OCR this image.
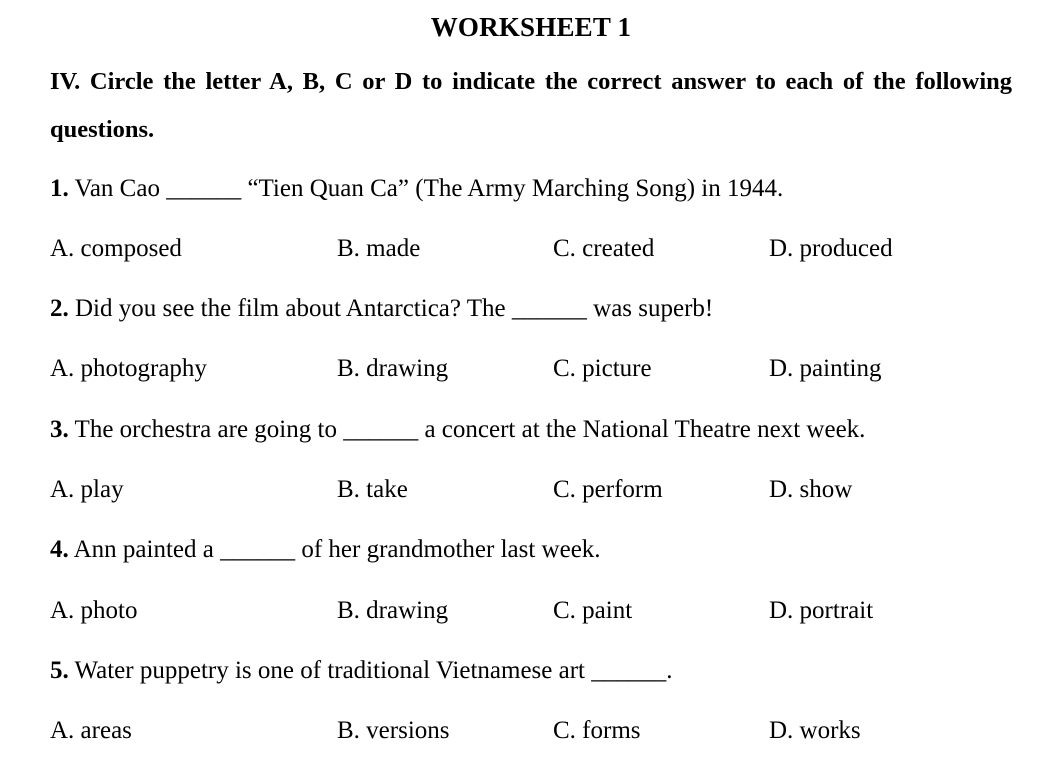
WORKSHEET 1
IV. Circle the letter A, B, C or D to indicate the correct answer to each of the following questions.
1. Van Cao ______ “Tien Quan Ca” (The Army Marching Song) in 1944.
A. composed	B. made	C. created	D. produced
2. Did you see the film about Antarctica? The ______ was superb!
A. photography	B. drawing	C. picture	D. painting
3. The orchestra are going to ______ a concert at the National Theatre next week.
A. play	B. take	C. perform	D. show
4. Ann painted a ______ of her grandmother last week.
A. photo	B. drawing	C. paint	D. portrait
5. Water puppetry is one of traditional Vietnamese art ______.
A. areas	B. versions	C. forms	D. works
